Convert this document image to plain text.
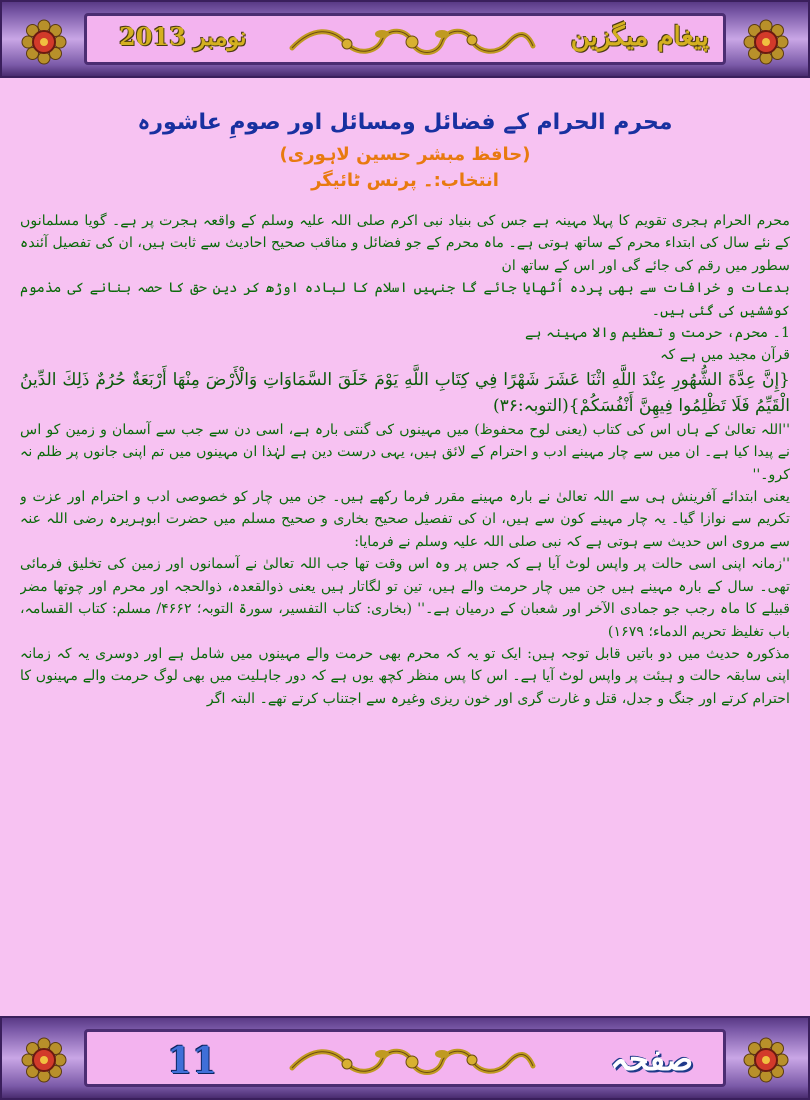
نومبر 2013	پیغام میگزین
محرم الحرام کے فضائل ومسائل اور صومِ عاشورہ

(حافظ مبشر حسین لاہوری)

انتخاب:۔ پرنس ٹائیگر

محرم الحرام ہجری تقویم کا پہلا مہینہ ہے جس کی بنیاد نبی اکرم صلی اللہ علیہ وسلم کے واقعہ ہجرت پر ہے۔ گویا مسلمانوں کے نئے سال کی ابتداء محرم کے ساتھ ہوتی ہے۔ ماہ محرم کے جو فضائل و مناقب صحیح احادیث سے ثابت ہیں، ان کی تفصیل آئندہ سطور میں رقم کی جائے گی اور اس کے ساتھ ان

بدعات و خرافات سے بھی پردہ اُٹھایا جائے گا جنہیں اسلام کا لبادہ اوڑھ کر دین حق کا حصہ بنانے کی مذموم کوششیں کی گئی ہیں۔

1۔ محرم، حرمت و تعظیم والا مہینہ ہے

قرآن مجید میں ہے کہ

{إِنَّ عِدَّةَ الشُّهُورِ عِنْدَ اللَّهِ اثْنَا عَشَرَ شَهْرًا فِي كِتَابِ اللَّهِ يَوْمَ خَلَقَ السَّمَاوَاتِ وَالْأَرْضَ مِنْهَا أَرْبَعَةٌ حُرُمٌ ذَلِكَ الدِّينُ الْقَيِّمُ فَلَا تَظْلِمُوا فِيهِنَّ أَنْفُسَكُمْ}(التوبہ:۳۶)

''اللہ تعالیٰ کے ہاں اس کی کتاب (یعنی لوح محفوظ) میں مہینوں کی گنتی بارہ ہے، اسی دن سے جب سے آسمان و زمین کو اس نے پیدا کیا ہے۔ ان میں سے چار مہینے ادب و احترام کے لائق ہیں، یہی درست دین ہے لہٰذا ان مہینوں میں تم اپنی جانوں پر ظلم نہ کرو۔''

یعنی ابتدائے آفرینش ہی سے اللہ تعالیٰ نے بارہ مہینے مقرر فرما رکھے ہیں۔ جن میں چار کو خصوصی ادب و احترام اور عزت و تکریم سے نوازا گیا۔ یہ چار مہینے کون سے ہیں، ان کی تفصیل صحیح بخاری و صحیح مسلم میں حضرت ابوہریرہ رضی اللہ عنہ سے مروی اس حدیث سے ہوتی ہے کہ نبی صلی اللہ علیہ وسلم نے فرمایا:

''زمانہ اپنی اسی حالت پر واپس لوٹ آیا ہے کہ جس پر وہ اس وقت تھا جب اللہ تعالیٰ نے آسمانوں اور زمین کی تخلیق فرمائی تھی۔ سال کے بارہ مہینے ہیں جن میں چار حرمت والے ہیں، تین تو لگاتار ہیں یعنی ذوالقعدہ، ذوالحجہ اور محرم اور چوتھا مضر قبیلے کا ماہ رجب جو جمادی الآخر اور شعبان کے درمیان ہے۔'' (بخاری: کتاب التفسیر، سورۃ التوبہ؛ ۴۶۶۲/ مسلم: کتاب القسامہ، باب تغلیظ تحریم الدماء؛ ۱۶۷۹)

مذکورہ حدیث میں دو باتیں قابل توجہ ہیں: ایک تو یہ کہ محرم بھی حرمت والے مہینوں میں شامل ہے اور دوسری یہ کہ زمانہ اپنی سابقہ حالت و ہیئت پر واپس لوٹ آیا ہے۔ اس کا پس منظر کچھ یوں ہے کہ دور جاہلیت میں بھی لوگ حرمت والے مہینوں کا احترام کرتے اور جنگ و جدل، قتل و غارت گری اور خون ریزی وغیرہ سے اجتناب کرتے تھے۔ البتہ اگر

11	صفحہ
